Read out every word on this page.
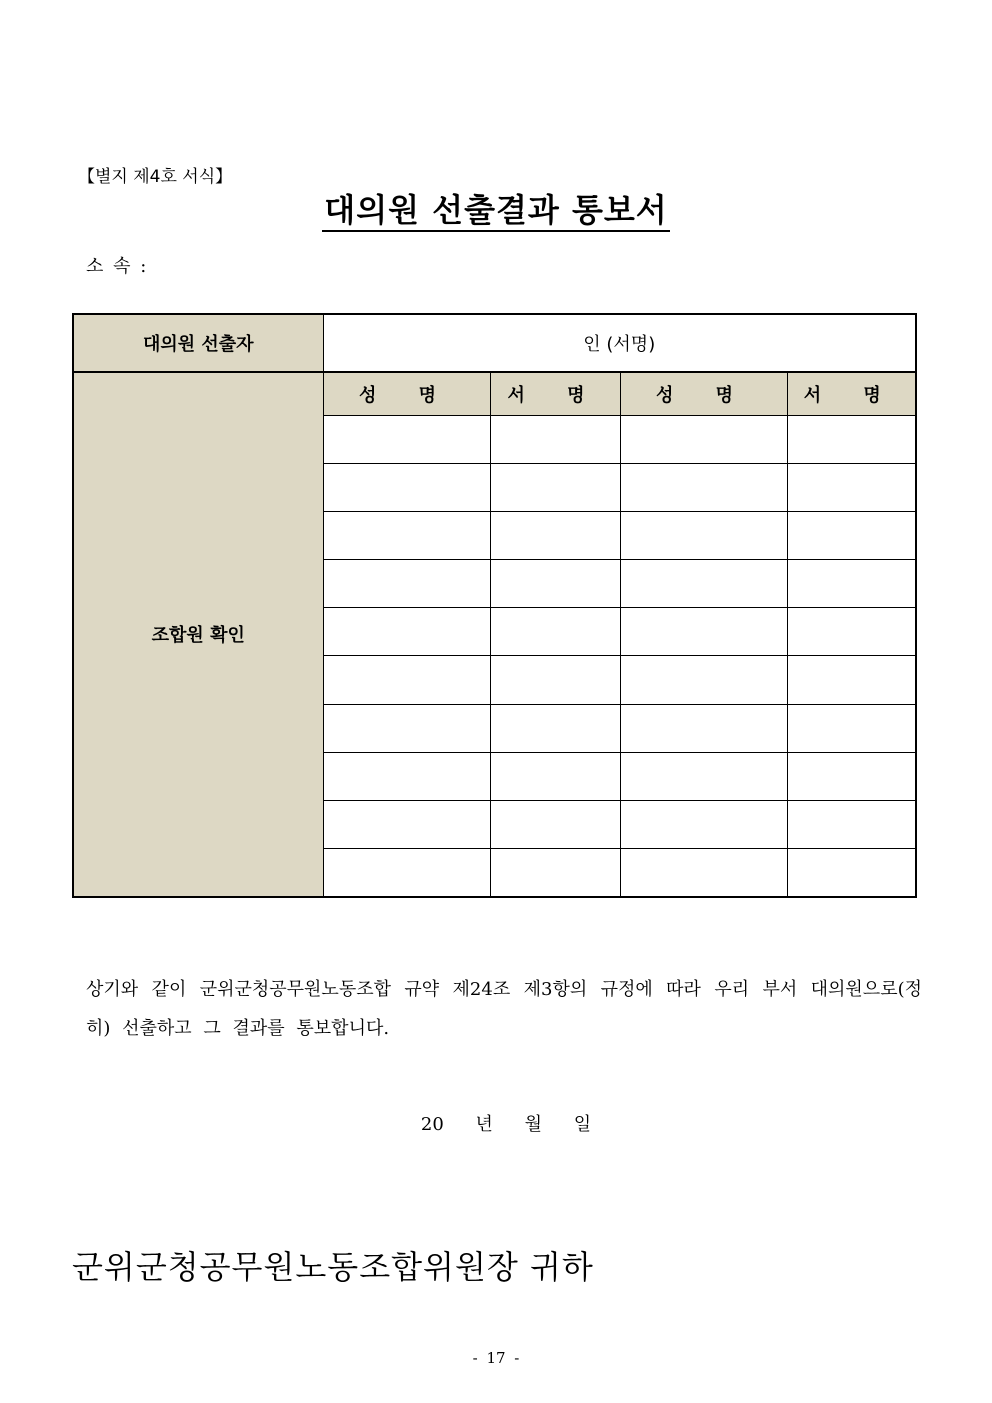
【별지 제4호 서식】
대의원 선출결과 통보서
소 속 :
대의원 선출자	인 (서명)			
조합원 확인	성 명	서 명	성 명	서 명

상기와 같이 군위군청공무원노동조합 규약 제24조 제3항의 규정에 따라 우리 부서 대의원으로(정히) 선출하고 그 결과를 통보합니다.
20 년 월 일
군위군청공무원노동조합위원장 귀하
- 17 -
